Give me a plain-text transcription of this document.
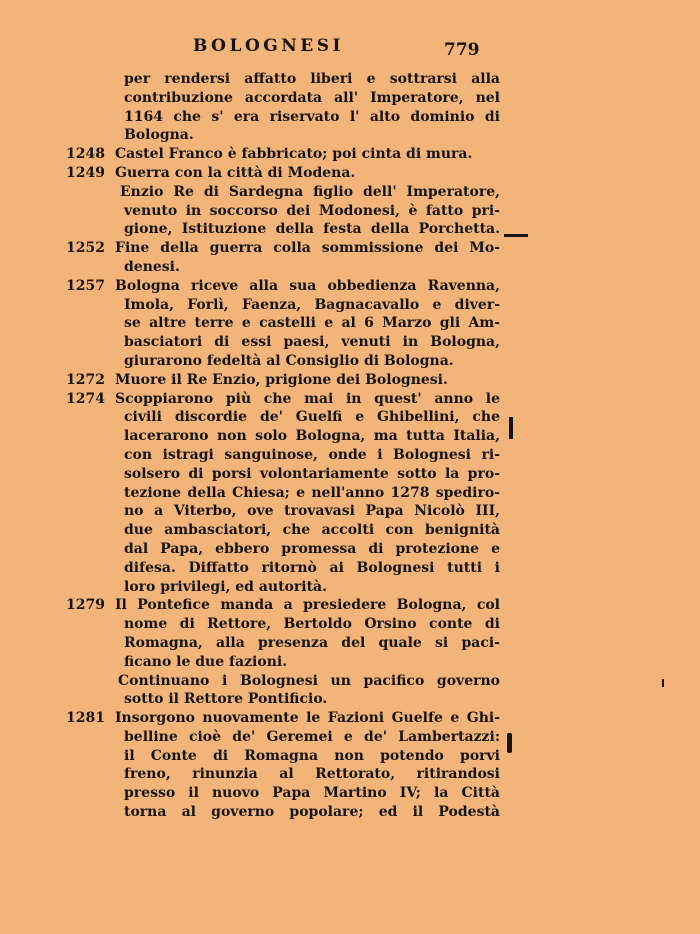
BOLOGNESI	779
per rendersi affatto liberi e sottrarsi alla
contribuzione accordata all' Imperatore, nel
1164 che s' era riservato l' alto dominio di
Bologna.
1248 Castel Franco è fabbricato; poi cinta di mura.
1249 Guerra con la città di Modena.
Enzio Re di Sardegna figlio dell' Imperatore,
venuto in soccorso dei Modonesi, è fatto pri-
gione, Istituzione della festa della Porchetta.
1252 Fine della guerra colla sommissione dei Mo-
denesi.
1257 Bologna riceve alla sua obbedienza Ravenna,
Imola, Forlì, Faenza, Bagnacavallo e diver-
se altre terre e castelli e al 6 Marzo gli Am-
basciatori di essi paesi, venuti in Bologna,
giurarono fedeltà al Consiglio di Bologna.
1272 Muore il Re Enzio, prigione dei Bolognesi.
1274 Scoppiarono più che mai in quest' anno le
civili discordie de' Guelfi e Ghibellini, che
lacerarono non solo Bologna, ma tutta Italia,
con istragi sanguinose, onde i Bolognesi ri-
solsero di porsi volontariamente sotto la pro-
tezione della Chiesa; e nell'anno 1278 spediro-
no a Viterbo, ove trovavasi Papa Nicolò III,
due ambasciatori, che accolti con benignità
dal Papa, ebbero promessa di protezione e
difesa. Diffatto ritornò ai Bolognesi tutti i
loro privilegi, ed autorità.
1279 Il Pontefice manda a presiedere Bologna, col
nome di Rettore, Bertoldo Orsino conte di
Romagna, alla presenza del quale si paci-
ficano le due fazioni.
Continuano i Bolognesi un pacifico governo
sotto il Rettore Pontificio.
1281 Insorgono nuovamente le Fazioni Guelfe e Ghi-
belline cioè de' Geremei e de' Lambertazzi:
il Conte di Romagna non potendo porvi
freno, rinunzia al Rettorato, ritirandosi
presso il nuovo Papa Martino IV; la Città
torna al governo popolare; ed il Podestà
